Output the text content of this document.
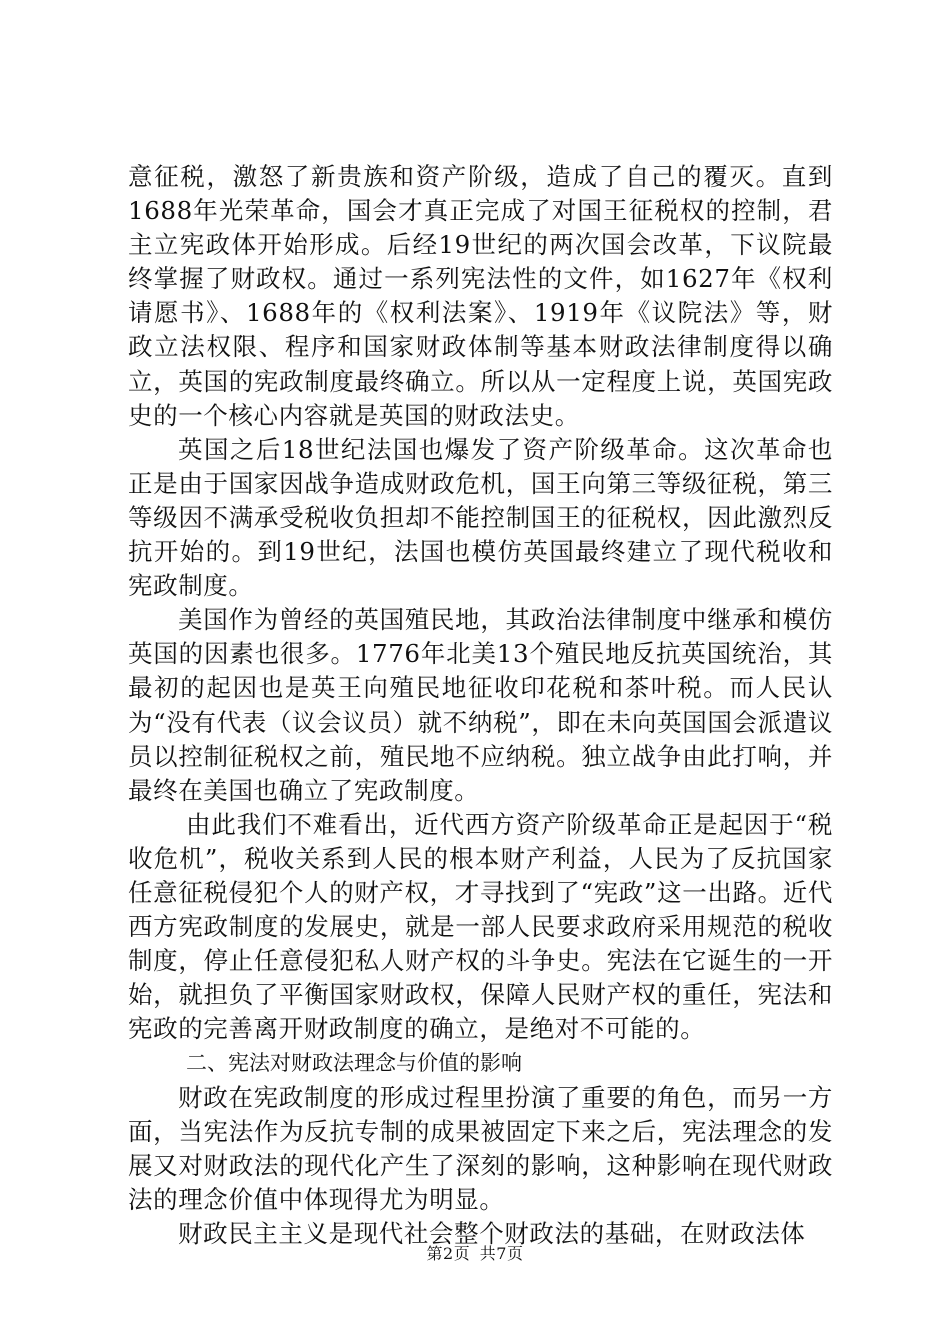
意征税，激怒了新贵族和资产阶级，造成了自己的覆灭。直到1688年光荣革命，国会才真正完成了对国王征税权的控制，君主立宪政体开始形成。后经19世纪的两次国会改革，下议院最终掌握了财政权。通过一系列宪法性的文件，如1627年《权利请愿书》、1688年的《权利法案》、1919年《议院法》等，财政立法权限、程序和国家财政体制等基本财政法律制度得以确立，英国的宪政制度最终确立。所以从一定程度上说，英国宪政史的一个核心内容就是英国的财政法史。

英国之后18世纪法国也爆发了资产阶级革命。这次革命也正是由于国家因战争造成财政危机，国王向第三等级征税，第三等级因不满承受税收负担却不能控制国王的征税权，因此激烈反抗开始的。到19世纪，法国也模仿英国最终建立了现代税收和宪政制度。

美国作为曾经的英国殖民地，其政治法律制度中继承和模仿英国的因素也很多。1776年北美13个殖民地反抗英国统治，其最初的起因也是英王向殖民地征收印花税和茶叶税。而人民认为“没有代表（议会议员）就不纳税”，即在未向英国国会派遣议员以控制征税权之前，殖民地不应纳税。独立战争由此打响，并最终在美国也确立了宪政制度。

由此我们不难看出，近代西方资产阶级革命正是起因于“税收危机”，税收关系到人民的根本财产利益，人民为了反抗国家任意征税侵犯个人的财产权，才寻找到了“宪政”这一出路。近代西方宪政制度的发展史，就是一部人民要求政府采用规范的税收制度，停止任意侵犯私人财产权的斗争史。宪法在它诞生的一开始，就担负了平衡国家财政权，保障人民财产权的重任，宪法和宪政的完善离开财政制度的确立，是绝对不可能的。

二、宪法对财政法理念与价值的影响

财政在宪政制度的形成过程里扮演了重要的角色，而另一方面，当宪法作为反抗专制的成果被固定下来之后，宪法理念的发展又对财政法的现代化产生了深刻的影响，这种影响在现代财政法的理念价值中体现得尤为明显。

财政民主主义是现代社会整个财政法的基础，在财政法体

第2页 共7页
